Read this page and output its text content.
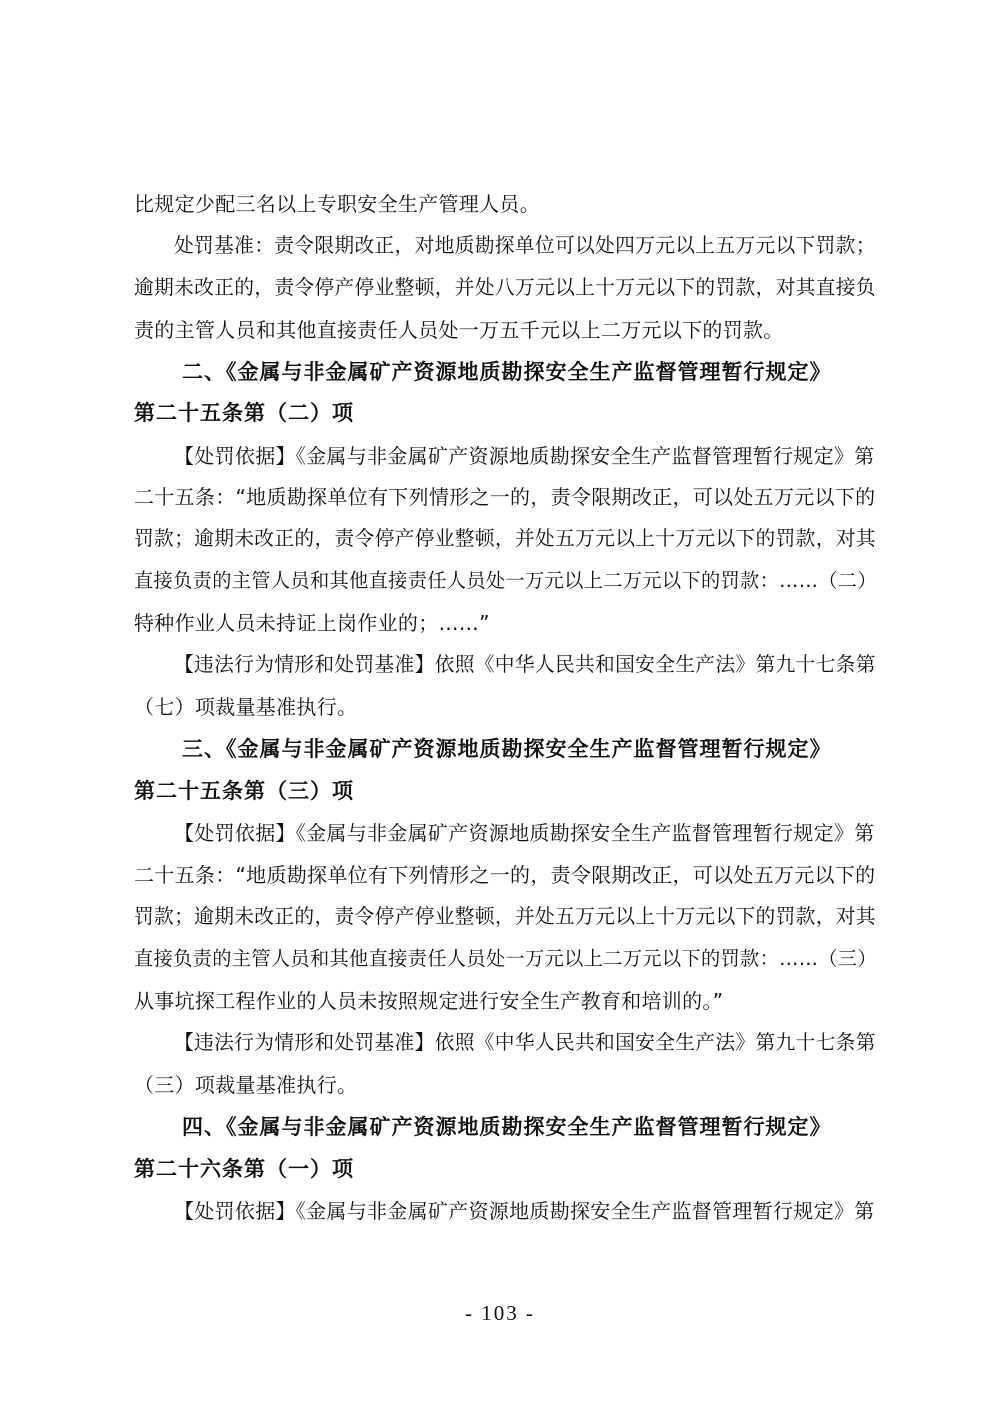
比规定少配三名以上专职安全生产管理人员。
处罚基准：责令限期改正，对地质勘探单位可以处四万元以上五万元以下罚款；
逾期未改正的，责令停产停业整顿，并处八万元以上十万元以下的罚款，对其直接负
责的主管人员和其他直接责任人员处一万五千元以上二万元以下的罚款。
二、《金属与非金属矿产资源地质勘探安全生产监督管理暂行规定》
第二十五条第（二）项
【处罚依据】《金属与非金属矿产资源地质勘探安全生产监督管理暂行规定》第
二十五条：“地质勘探单位有下列情形之一的，责令限期改正，可以处五万元以下的
罚款；逾期未改正的，责令停产停业整顿，并处五万元以上十万元以下的罚款，对其
直接负责的主管人员和其他直接责任人员处一万元以上二万元以下的罚款：……（二）
特种作业人员未持证上岗作业的；……”
【违法行为情形和处罚基准】依照《中华人民共和国安全生产法》第九十七条第
（七）项裁量基准执行。
三、《金属与非金属矿产资源地质勘探安全生产监督管理暂行规定》
第二十五条第（三）项
【处罚依据】《金属与非金属矿产资源地质勘探安全生产监督管理暂行规定》第
二十五条：“地质勘探单位有下列情形之一的，责令限期改正，可以处五万元以下的
罚款；逾期未改正的，责令停产停业整顿，并处五万元以上十万元以下的罚款，对其
直接负责的主管人员和其他直接责任人员处一万元以上二万元以下的罚款：……（三）
从事坑探工程作业的人员未按照规定进行安全生产教育和培训的。”
【违法行为情形和处罚基准】依照《中华人民共和国安全生产法》第九十七条第
（三）项裁量基准执行。
四、《金属与非金属矿产资源地质勘探安全生产监督管理暂行规定》
第二十六条第（一）项
【处罚依据】《金属与非金属矿产资源地质勘探安全生产监督管理暂行规定》第
- 103 -
